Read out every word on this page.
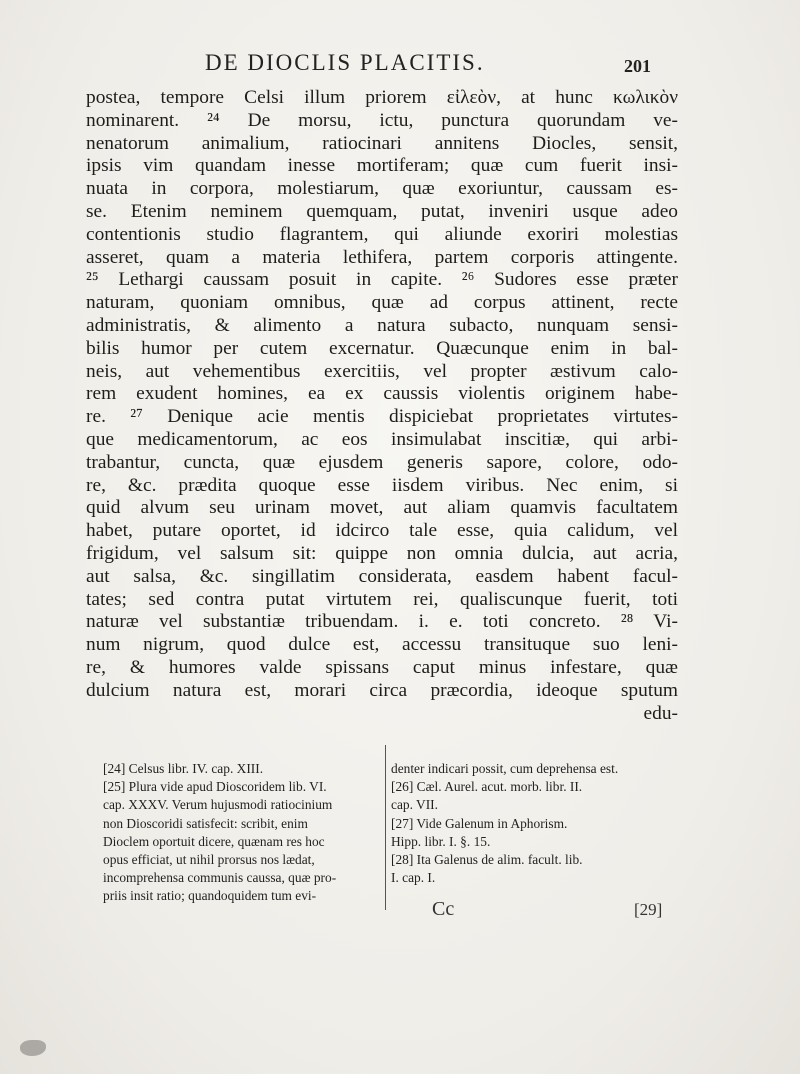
DE DIOCLIS PLACITIS.	201
postea, tempore Celsi illum priorem εἰλεὸν, at hunc κωλικὸν
nominarent. ²⁴ De morsu, ictu, punctura quorundam ve-
nenatorum animalium, ratiocinari annitens Diocles, sensit,
ipsis vim quandam inesse mortiferam; quæ cum fuerit insi-
nuata in corpora, molestiarum, quæ exoriuntur, caussam es-
se. Etenim neminem quemquam, putat, inveniri usque adeo
contentionis studio flagrantem, qui aliunde exoriri molestias
asseret, quam a materia lethifera, partem corporis attingente.
²⁵ Lethargi caussam posuit in capite. ²⁶ Sudores esse præter
naturam, quoniam omnibus, quæ ad corpus attinent, recte
administratis, & alimento a natura subacto, nunquam sensi-
bilis humor per cutem excernatur. Quæcunque enim in bal-
neis, aut vehementibus exercitiis, vel propter æstivum calo-
rem exudent homines, ea ex caussis violentis originem habe-
re. ²⁷ Denique acie mentis dispiciebat proprietates virtutes-
que medicamentorum, ac eos insimulabat inscitiæ, qui arbi-
trabantur, cuncta, quæ ejusdem generis sapore, colore, odo-
re, &c. prædita quoque esse iisdem viribus. Nec enim, si
quid alvum seu urinam movet, aut aliam quamvis facultatem
habet, putare oportet, id idcirco tale esse, quia calidum, vel
frigidum, vel salsum sit: quippe non omnia dulcia, aut acria,
aut salsa, &c. singillatim considerata, easdem habent facul-
tates; sed contra putat virtutem rei, qualiscunque fuerit, toti
naturæ vel substantiæ tribuendam. i. e. toti concreto. ²⁸ Vi-
num nigrum, quod dulce est, accessu transituque suo leni-
re, & humores valde spissans caput minus infestare, quæ
dulcium natura est, morari circa præcordia, ideoque sputum
edu-
[24] Celsus libr. IV. cap. XIII.
[25] Plura vide apud Dioscoridem lib. VI.
cap. XXXV. Verum hujusmodi ratiocinium
non Dioscoridi satisfecit: scribit, enim
Dioclem oportuit dicere, quænam res hoc
opus efficiat, ut nihil prorsus nos lædat,
incomprehensa communis caussa, quæ pro-
priis insit ratio; quandoquidem tum evi-
denter indicari possit, cum deprehensa est.
[26] Cæl. Aurel. acut. morb. libr. II.
cap. VII.
[27] Vide Galenum in Aphorism.
Hipp. libr. I. §. 15.
[28] Ita Galenus de alim. facult. lib.
I. cap. I.
Cc	[29]
